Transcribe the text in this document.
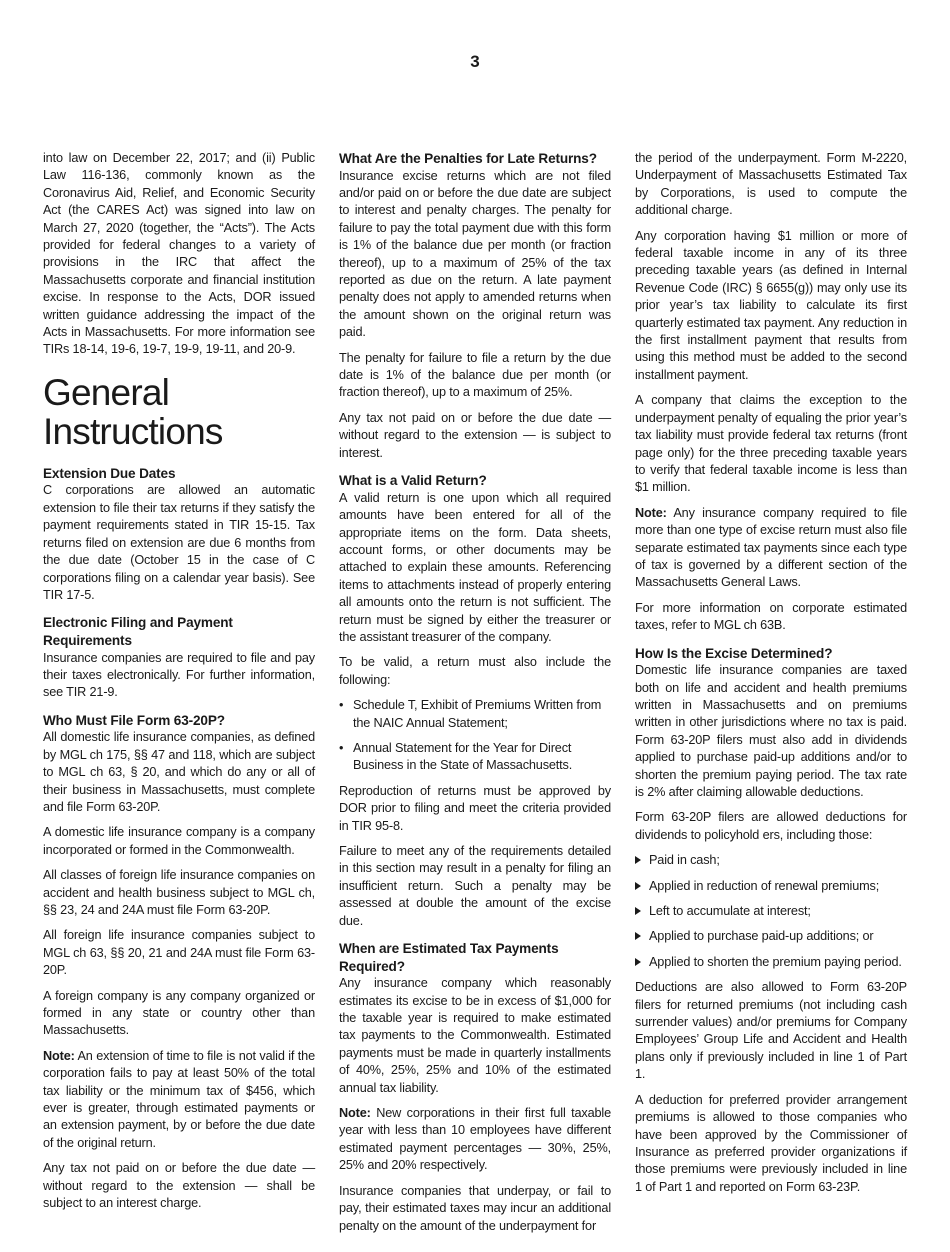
3

into law on December 22, 2017; and (ii) Public Law 116-136, commonly known as the Coronavirus Aid, Relief, and Economic Security Act (the CARES Act) was signed into law on March 27, 2020 (together, the “Acts”). The Acts provided for federal changes to a variety of provisions in the IRC that affect the Massachusetts corporate and financial institution excise. In response to the Acts, DOR issued written guidance addressing the impact of the Acts in Massachusetts. For more information see TIRs 18-14, 19-6, 19-7, 19-9, 19-11, and 20-9.

General Instructions
Extension Due Dates

C corporations are allowed an automatic extension to file their tax returns if they satisfy the payment requirements stated in TIR 15-15. Tax returns filed on extension are due 6 months from the due date (October 15 in the case of C corporations filing on a calendar year basis). See TIR 17-5.

Electronic Filing and Payment Requirements

Insurance companies are required to file and pay their taxes electronically. For further information, see TIR 21-9.

Who Must File Form 63-20P?

All domestic life insurance companies, as defined by MGL ch 175, §§ 47 and 118, which are subject to MGL ch 63, § 20, and which do any or all of their business in Massachusetts, must complete and file Form 63-20P.

A domestic life insurance company is a company incorporated or formed in the Commonwealth.

All classes of foreign life insurance companies on accident and health business subject to MGL ch, §§ 23, 24 and 24A must file Form 63-20P.

All foreign life insurance companies subject to MGL ch 63, §§ 20, 21 and 24A must file Form 63-20P.

A foreign company is any company organized or formed in any state or country other than Massachusetts.

Note: An extension of time to file is not valid if the corporation fails to pay at least 50% of the total tax liability or the minimum tax of $456, which ever is greater, through estimated payments or an extension payment, by or before the due date of the original return.

Any tax not paid on or before the due date — without regard to the extension — shall be subject to an interest charge.

What Are the Penalties for Late Returns?

Insurance excise returns which are not filed and/or paid on or before the due date are subject to interest and penalty charges. The penalty for failure to pay the total payment due with this form is 1% of the balance due per month (or fraction thereof), up to a maximum of 25% of the tax reported as due on the return. A late payment penalty does not apply to amended returns when the amount shown on the original return was paid.

The penalty for failure to file a return by the due date is 1% of the balance due per month (or fraction thereof), up to a maximum of 25%.

Any tax not paid on or before the due date — without regard to the extension — is subject to interest.

What is a Valid Return?

A valid return is one upon which all required amounts have been entered for all of the appropriate items on the form. Data sheets, account forms, or other documents may be attached to explain these amounts. Referencing items to attachments instead of properly entering all amounts onto the return is not sufficient. The return must be signed by either the treasurer or the assistant treasurer of the company.

To be valid, a return must also include the following:

• Schedule T, Exhibit of Premiums Written from the NAIC Annual Statement;
• Annual Statement for the Year for Direct Business in the State of Massachusetts.

Reproduction of returns must be approved by DOR prior to filing and meet the criteria provided in TIR 95-8.

Failure to meet any of the requirements detailed in this section may result in a penalty for filing an insufficient return. Such a penalty may be assessed at double the amount of the excise due.

When are Estimated Tax Payments Required?

Any insurance company which reasonably estimates its excise to be in excess of $1,000 for the taxable year is required to make estimated tax payments to the Commonwealth. Estimated payments must be made in quarterly installments of 40%, 25%, 25% and 10% of the estimated annual tax liability.

Note: New corporations in their first full taxable year with less than 10 employees have different estimated payment percentages — 30%, 25%, 25% and 20% respectively.

Insurance companies that underpay, or fail to pay, their estimated taxes may incur an additional penalty on the amount of the underpayment for

the period of the underpayment. Form M-2220, Underpayment of Massachusetts Estimated Tax by Corporations, is used to compute the additional charge.

Any corporation having $1 million or more of federal taxable income in any of its three preceding taxable years (as defined in Internal Revenue Code (IRC) § 6655(g)) may only use its prior year’s tax liability to calculate its first quarterly estimated tax payment. Any reduction in the first installment payment that results from using this method must be added to the second installment payment.

A company that claims the exception to the underpayment penalty of equaling the prior year’s tax liability must provide federal tax returns (front page only) for the three preceding taxable years to verify that federal taxable income is less than $1 million.

Note: Any insurance company required to file more than one type of excise return must also file separate estimated tax payments since each type of tax is governed by a different section of the Massachusetts General Laws.

For more information on corporate estimated taxes, refer to MGL ch 63B.

How Is the Excise Determined?

Domestic life insurance companies are taxed both on life and accident and health premiums written in Massachusetts and on premiums written in other jurisdictions where no tax is paid. Form 63-20P filers must also add in dividends applied to purchase paid-up additions and/or to shorten the premium paying period. The tax rate is 2% after claiming allowable deductions.

Form 63-20P filers are allowed deductions for dividends to policyhold ers, including those:

Paid in cash;
Applied in reduction of renewal premiums;
Left to accumulate at interest;
Applied to purchase paid-up additions; or
Applied to shorten the premium paying period.

Deductions are also allowed to Form 63-20P filers for returned premiums (not including cash surrender values) and/or premiums for Company Employees’ Group Life and Accident and Health plans only if previously included in line 1 of Part 1.

A deduction for preferred provider arrangement premiums is allowed to those companies who have been approved by the Commissioner of Insurance as preferred provider organizations if those premiums were previously included in line 1 of Part 1 and reported on Form 63-23P.
